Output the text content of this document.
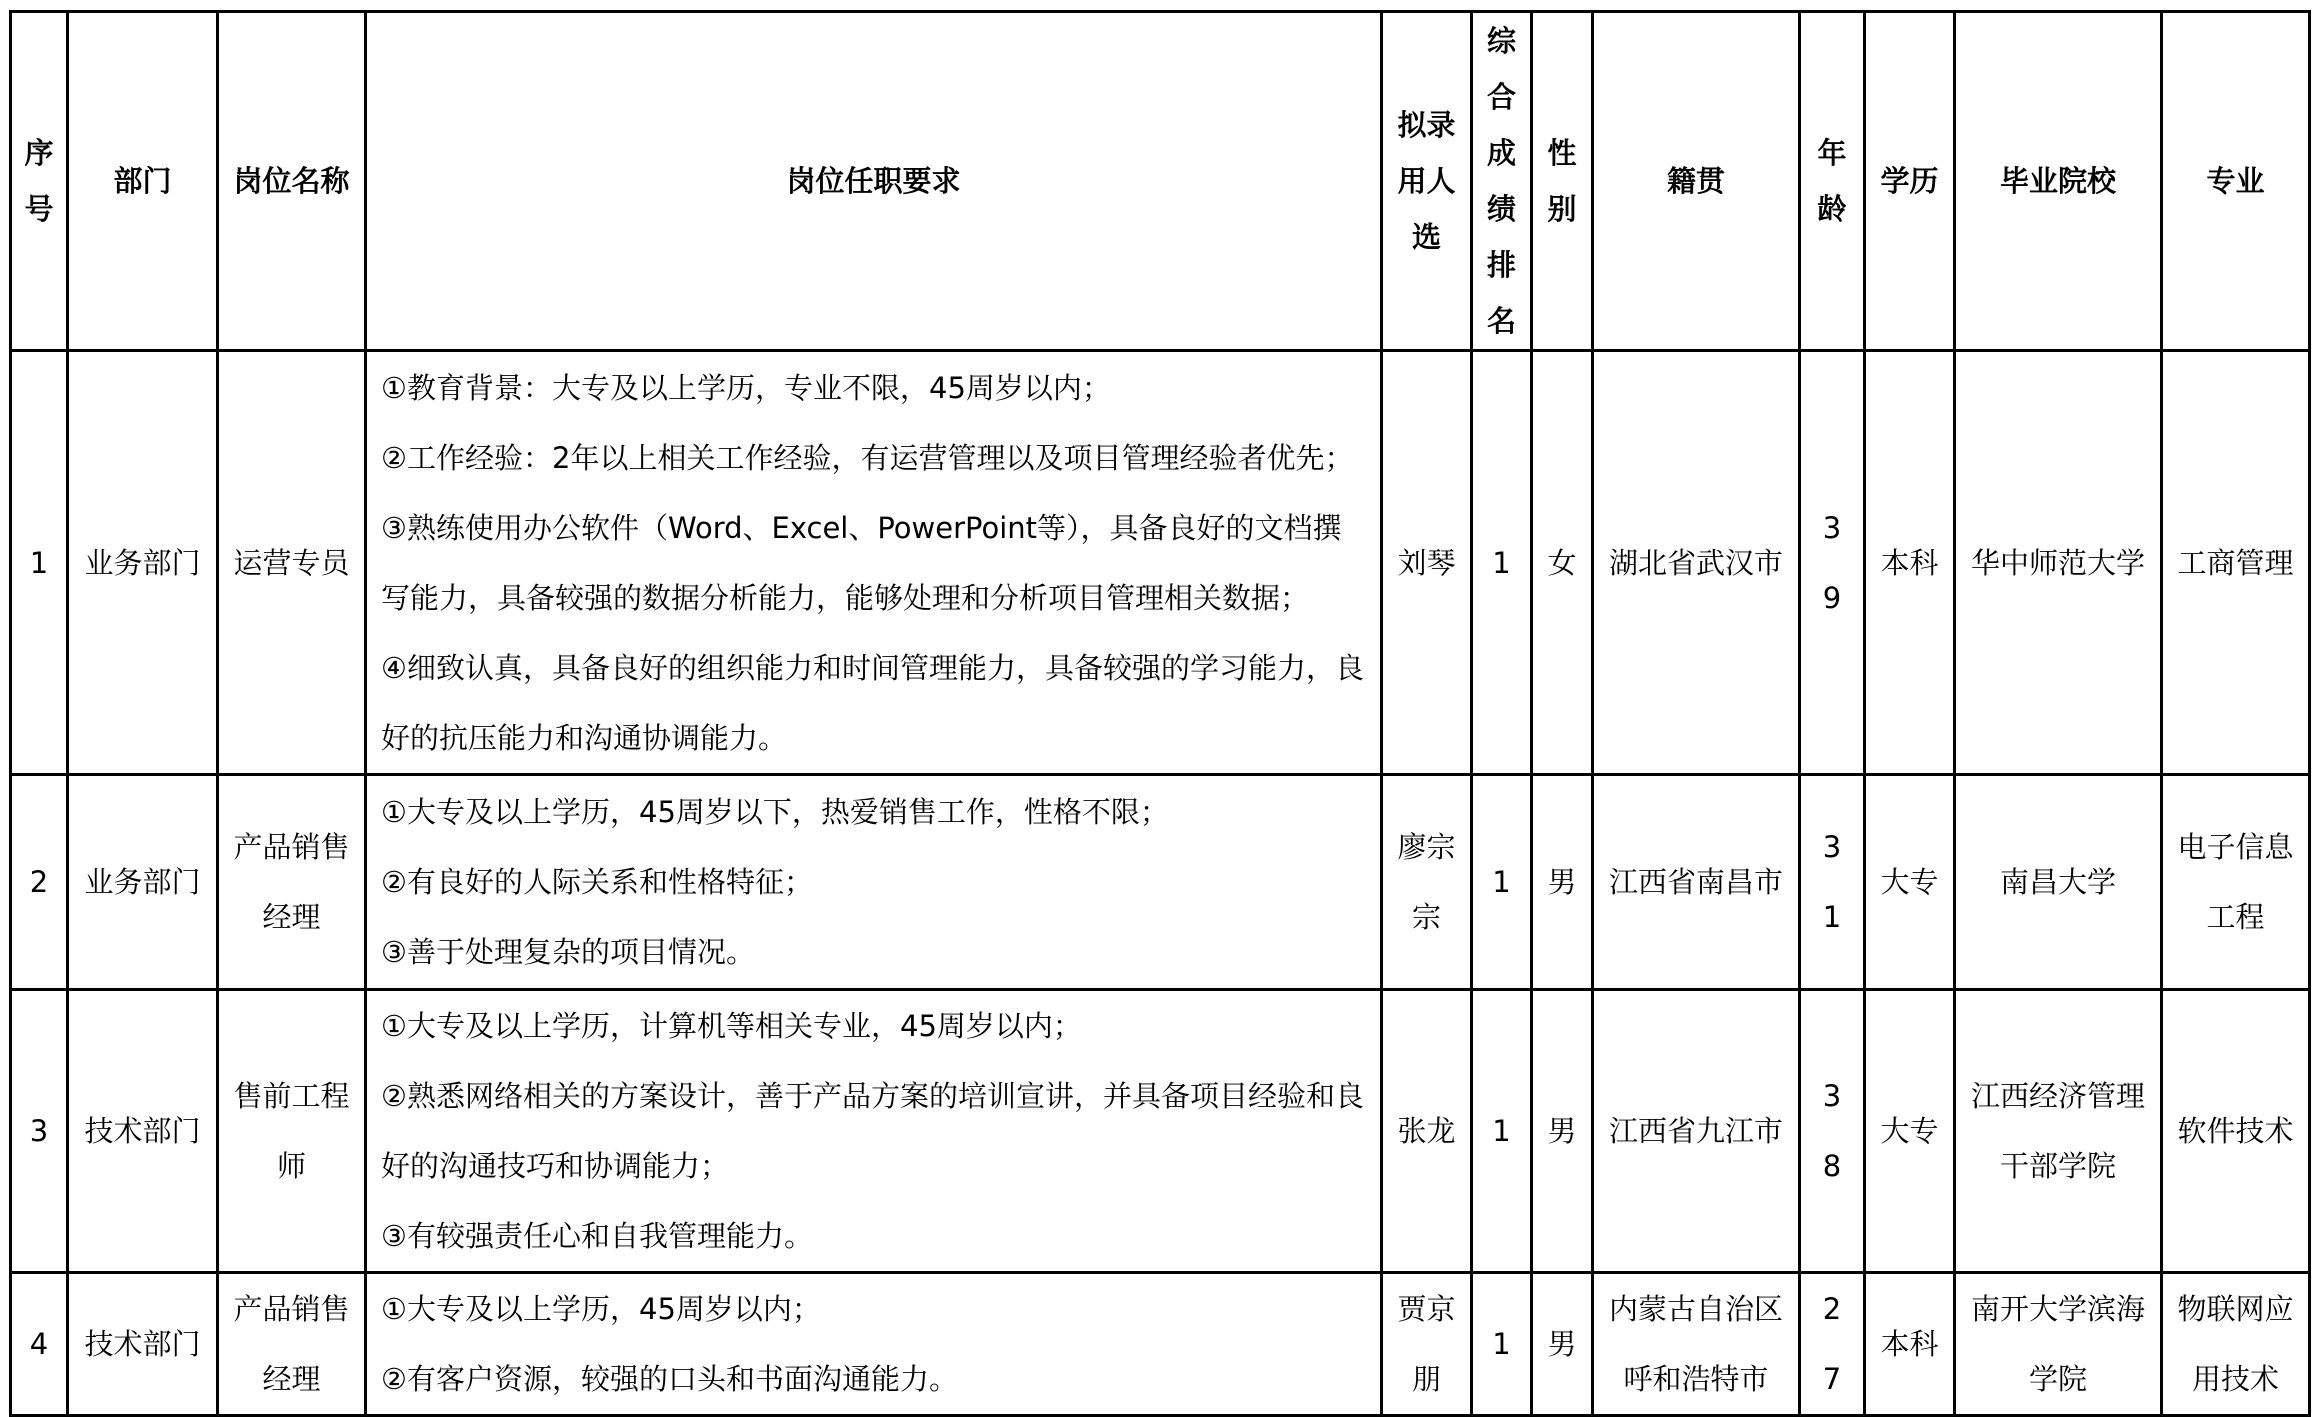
序号	部门	岗位名称	岗位任职要求	拟录用人选	综合成绩排名	性别	籍贯	年龄	学历	毕业院校	专业
1	业务部门	运营专员	①教育背景：大专及以上学历，专业不限，45周岁以内；
②工作经验：2年以上相关工作经验，有运营管理以及项目管理经验者优先；
③熟练使用办公软件（Word、Excel、PowerPoint等），具备良好的文档撰写能力，具备较强的数据分析能力，能够处理和分析项目管理相关数据；
④细致认真，具备良好的组织能力和时间管理能力，具备较强的学习能力，良好的抗压能力和沟通协调能力。	刘琴	1	女	湖北省武汉市	39	本科	华中师范大学	工商管理
2	业务部门	产品销售经理	①大专及以上学历，45周岁以下，热爱销售工作，性格不限；
②有良好的人际关系和性格特征；
③善于处理复杂的项目情况。	廖宗宗	1	男	江西省南昌市	31	大专	南昌大学	电子信息工程
3	技术部门	售前工程师	①大专及以上学历，计算机等相关专业，45周岁以内；
②熟悉网络相关的方案设计，善于产品方案的培训宣讲，并具备项目经验和良好的沟通技巧和协调能力；
③有较强责任心和自我管理能力。	张龙	1	男	江西省九江市	38	大专	江西经济管理干部学院	软件技术
4	技术部门	产品销售经理	①大专及以上学历，45周岁以内；
②有客户资源，较强的口头和书面沟通能力。	贾京朋	1	男	内蒙古自治区呼和浩特市	27	本科	南开大学滨海学院	物联网应用技术
